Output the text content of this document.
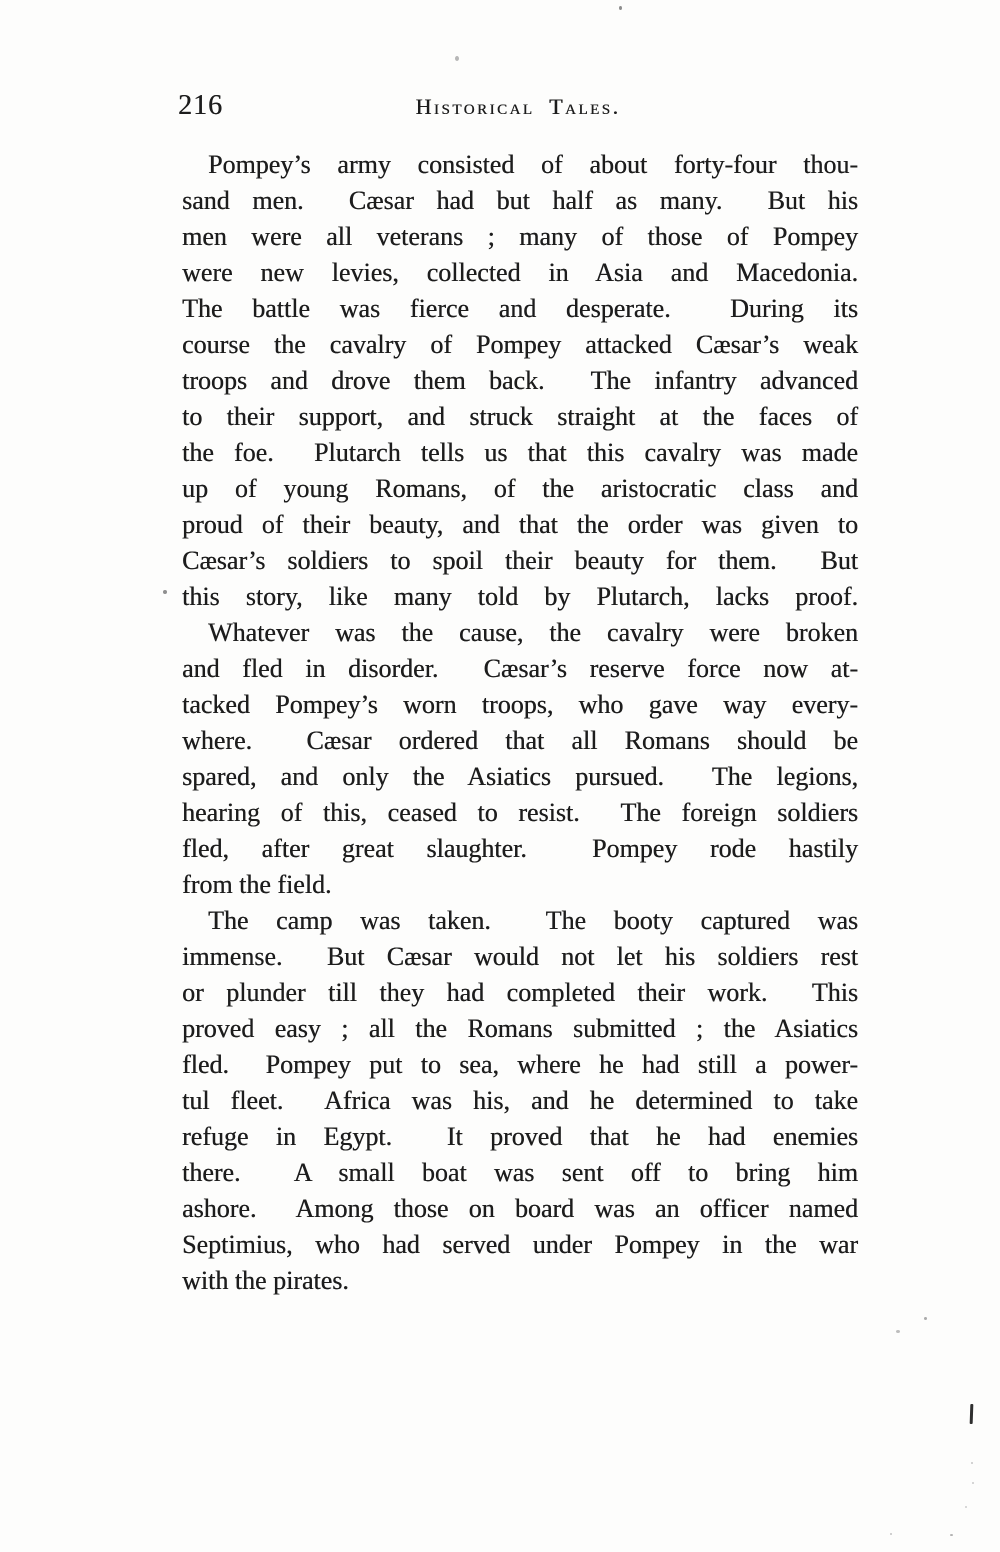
216	Historical Tales.
Pompey’s army consisted of about forty-four thou-
sand men.  Cæsar had but half as many.  But his
men were all veterans ; many of those of Pompey
were new levies, collected in Asia and Macedonia.
The battle was fierce and desperate.  During its
course the cavalry of Pompey attacked Cæsar’s weak
troops and drove them back.  The infantry advanced
to their support, and struck straight at the faces of
the foe.  Plutarch tells us that this cavalry was made
up of young Romans, of the aristocratic class and
proud of their beauty, and that the order was given to
Cæsar’s soldiers to spoil their beauty for them.  But
this story, like many told by Plutarch, lacks proof.
Whatever was the cause, the cavalry were broken
and fled in disorder.  Cæsar’s reserve force now at-
tacked Pompey’s worn troops, who gave way every-
where.  Cæsar ordered that all Romans should be
spared, and only the Asiatics pursued.  The legions,
hearing of this, ceased to resist.  The foreign soldiers
fled, after great slaughter.  Pompey rode hastily
from the field.
The camp was taken.  The booty captured was
immense.  But Cæsar would not let his soldiers rest
or plunder till they had completed their work.  This
proved easy ; all the Romans submitted ; the Asiatics
fled.  Pompey put to sea, where he had still a power-
tul fleet.  Africa was his, and he determined to take
refuge in Egypt.  It proved that he had enemies
there.  A small boat was sent off to bring him
ashore.  Among those on board was an officer named
Septimius, who had served under Pompey in the war
with the pirates.
